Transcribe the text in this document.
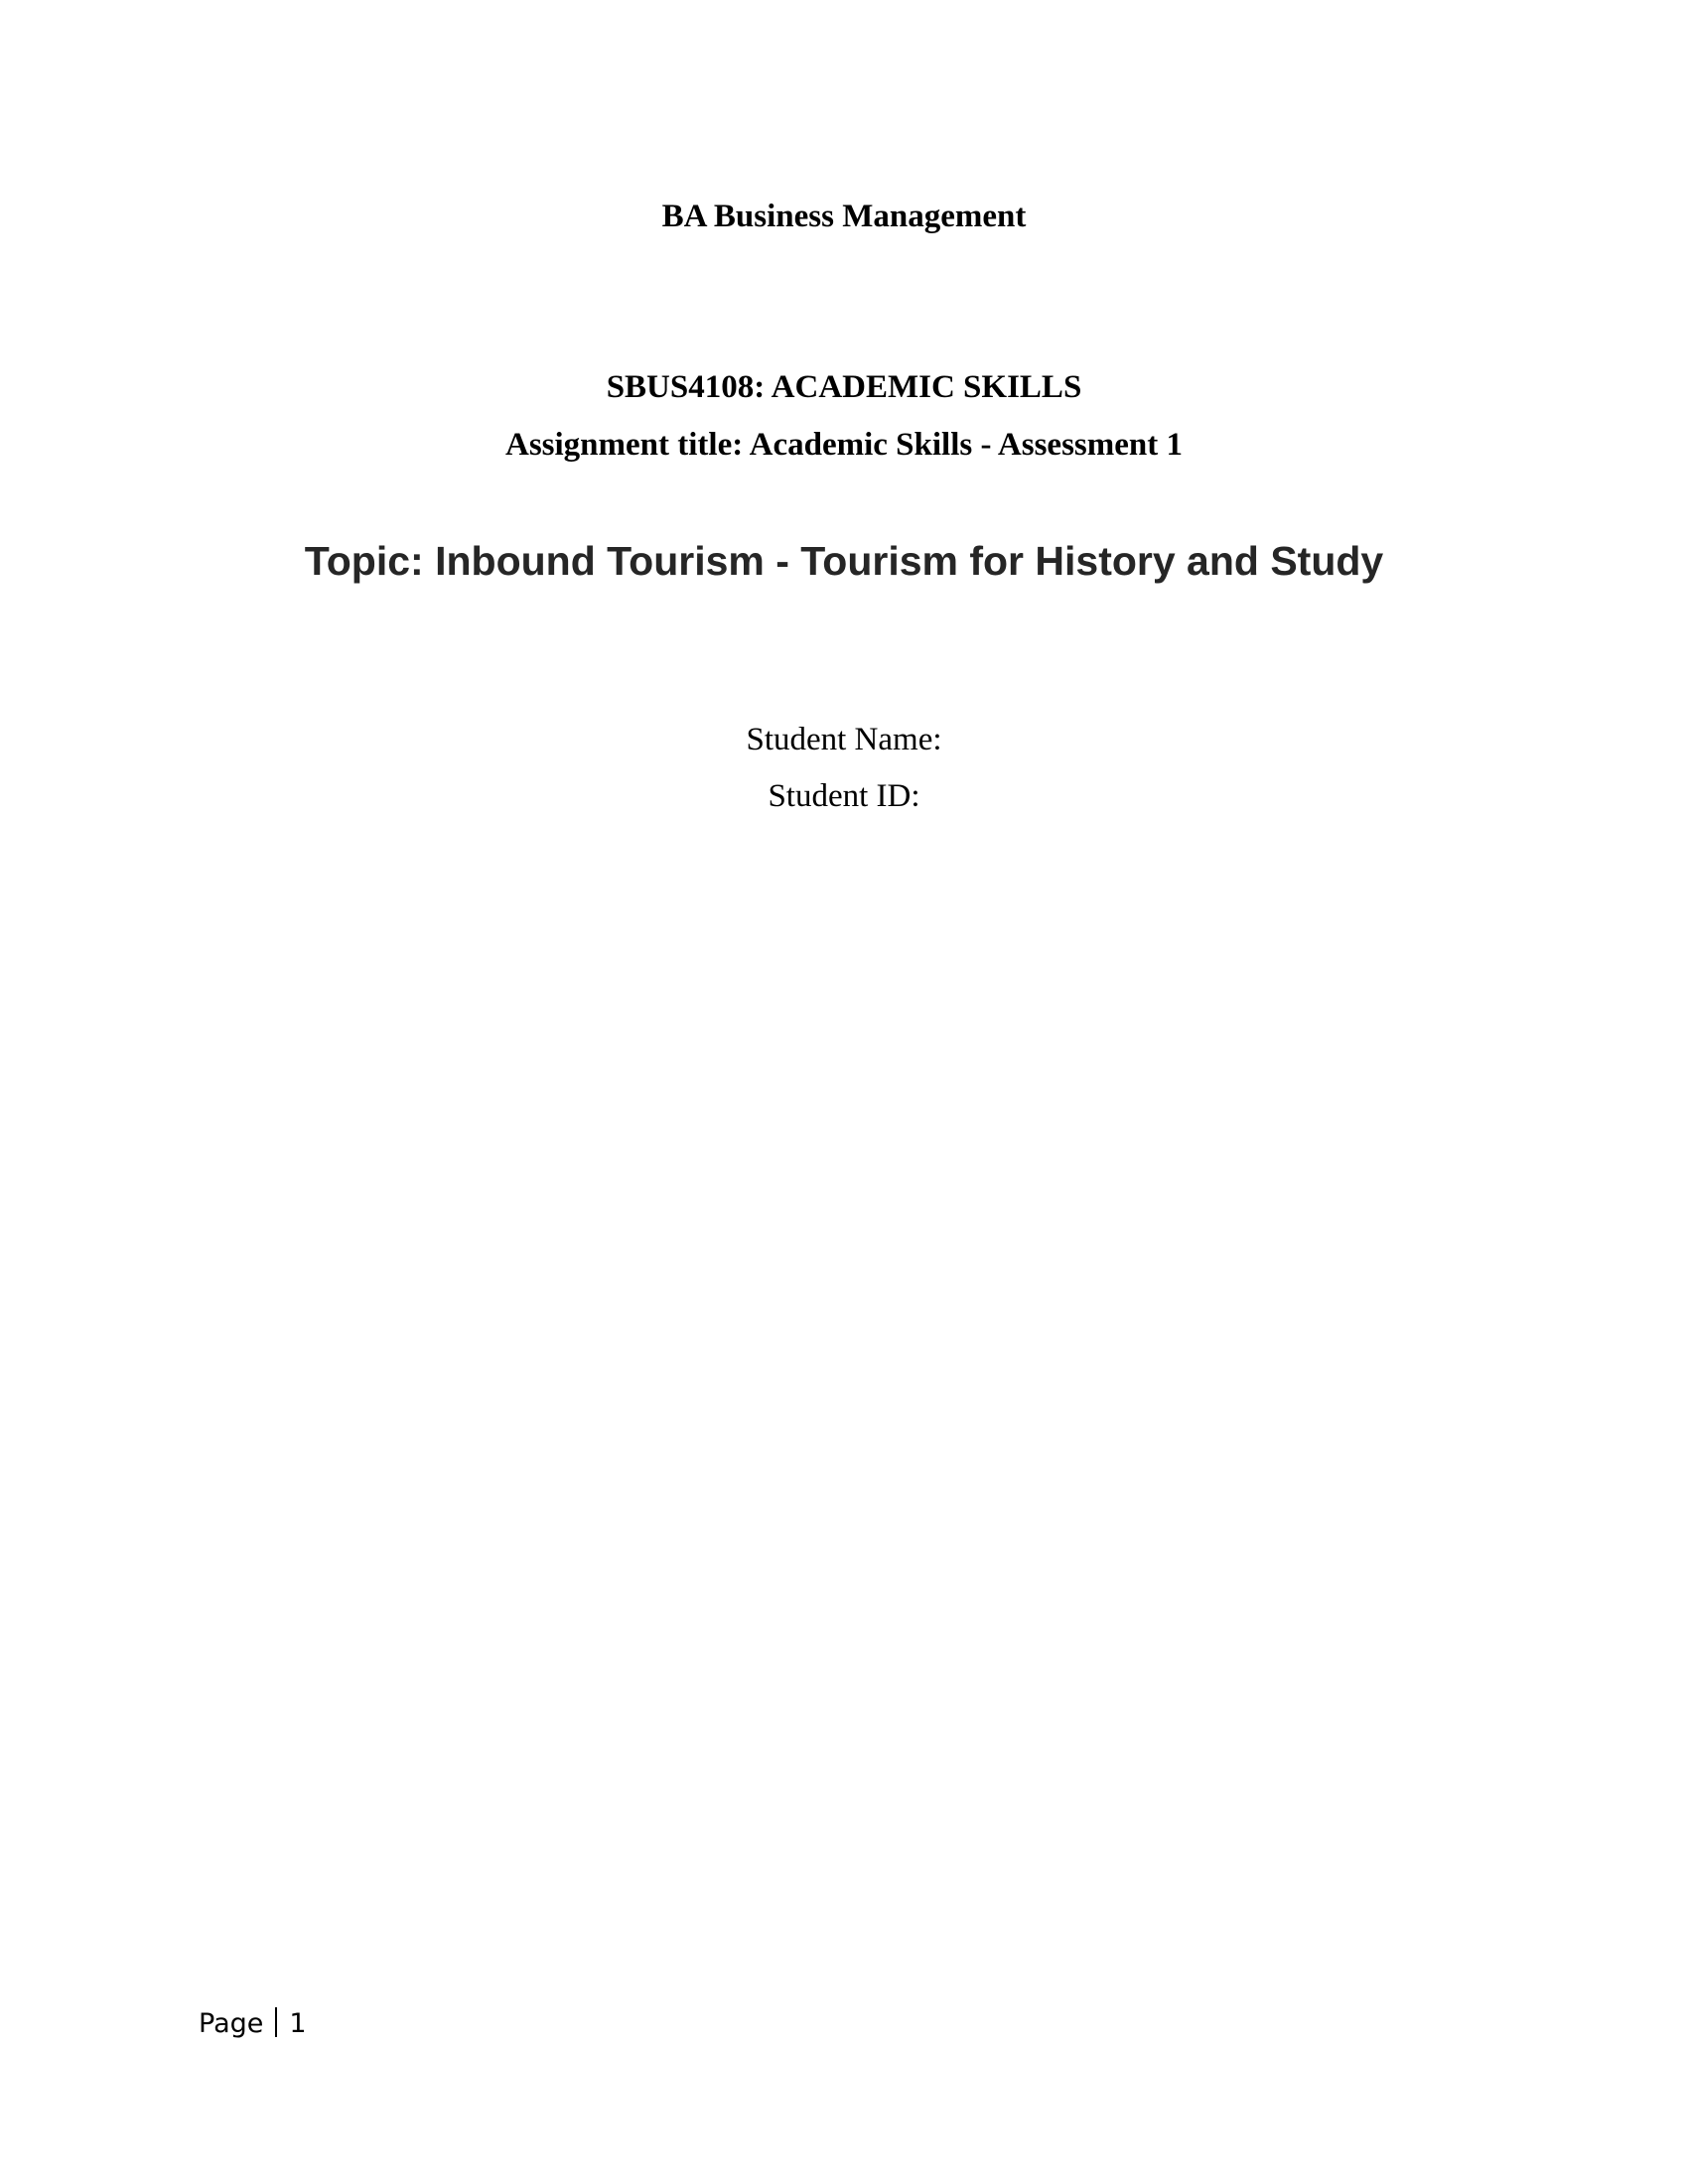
BA Business Management
SBUS4108: ACADEMIC SKILLS
Assignment title: Academic Skills - Assessment 1
Topic: Inbound Tourism - Tourism for History and Study
Student Name:
Student ID:
Page 1
